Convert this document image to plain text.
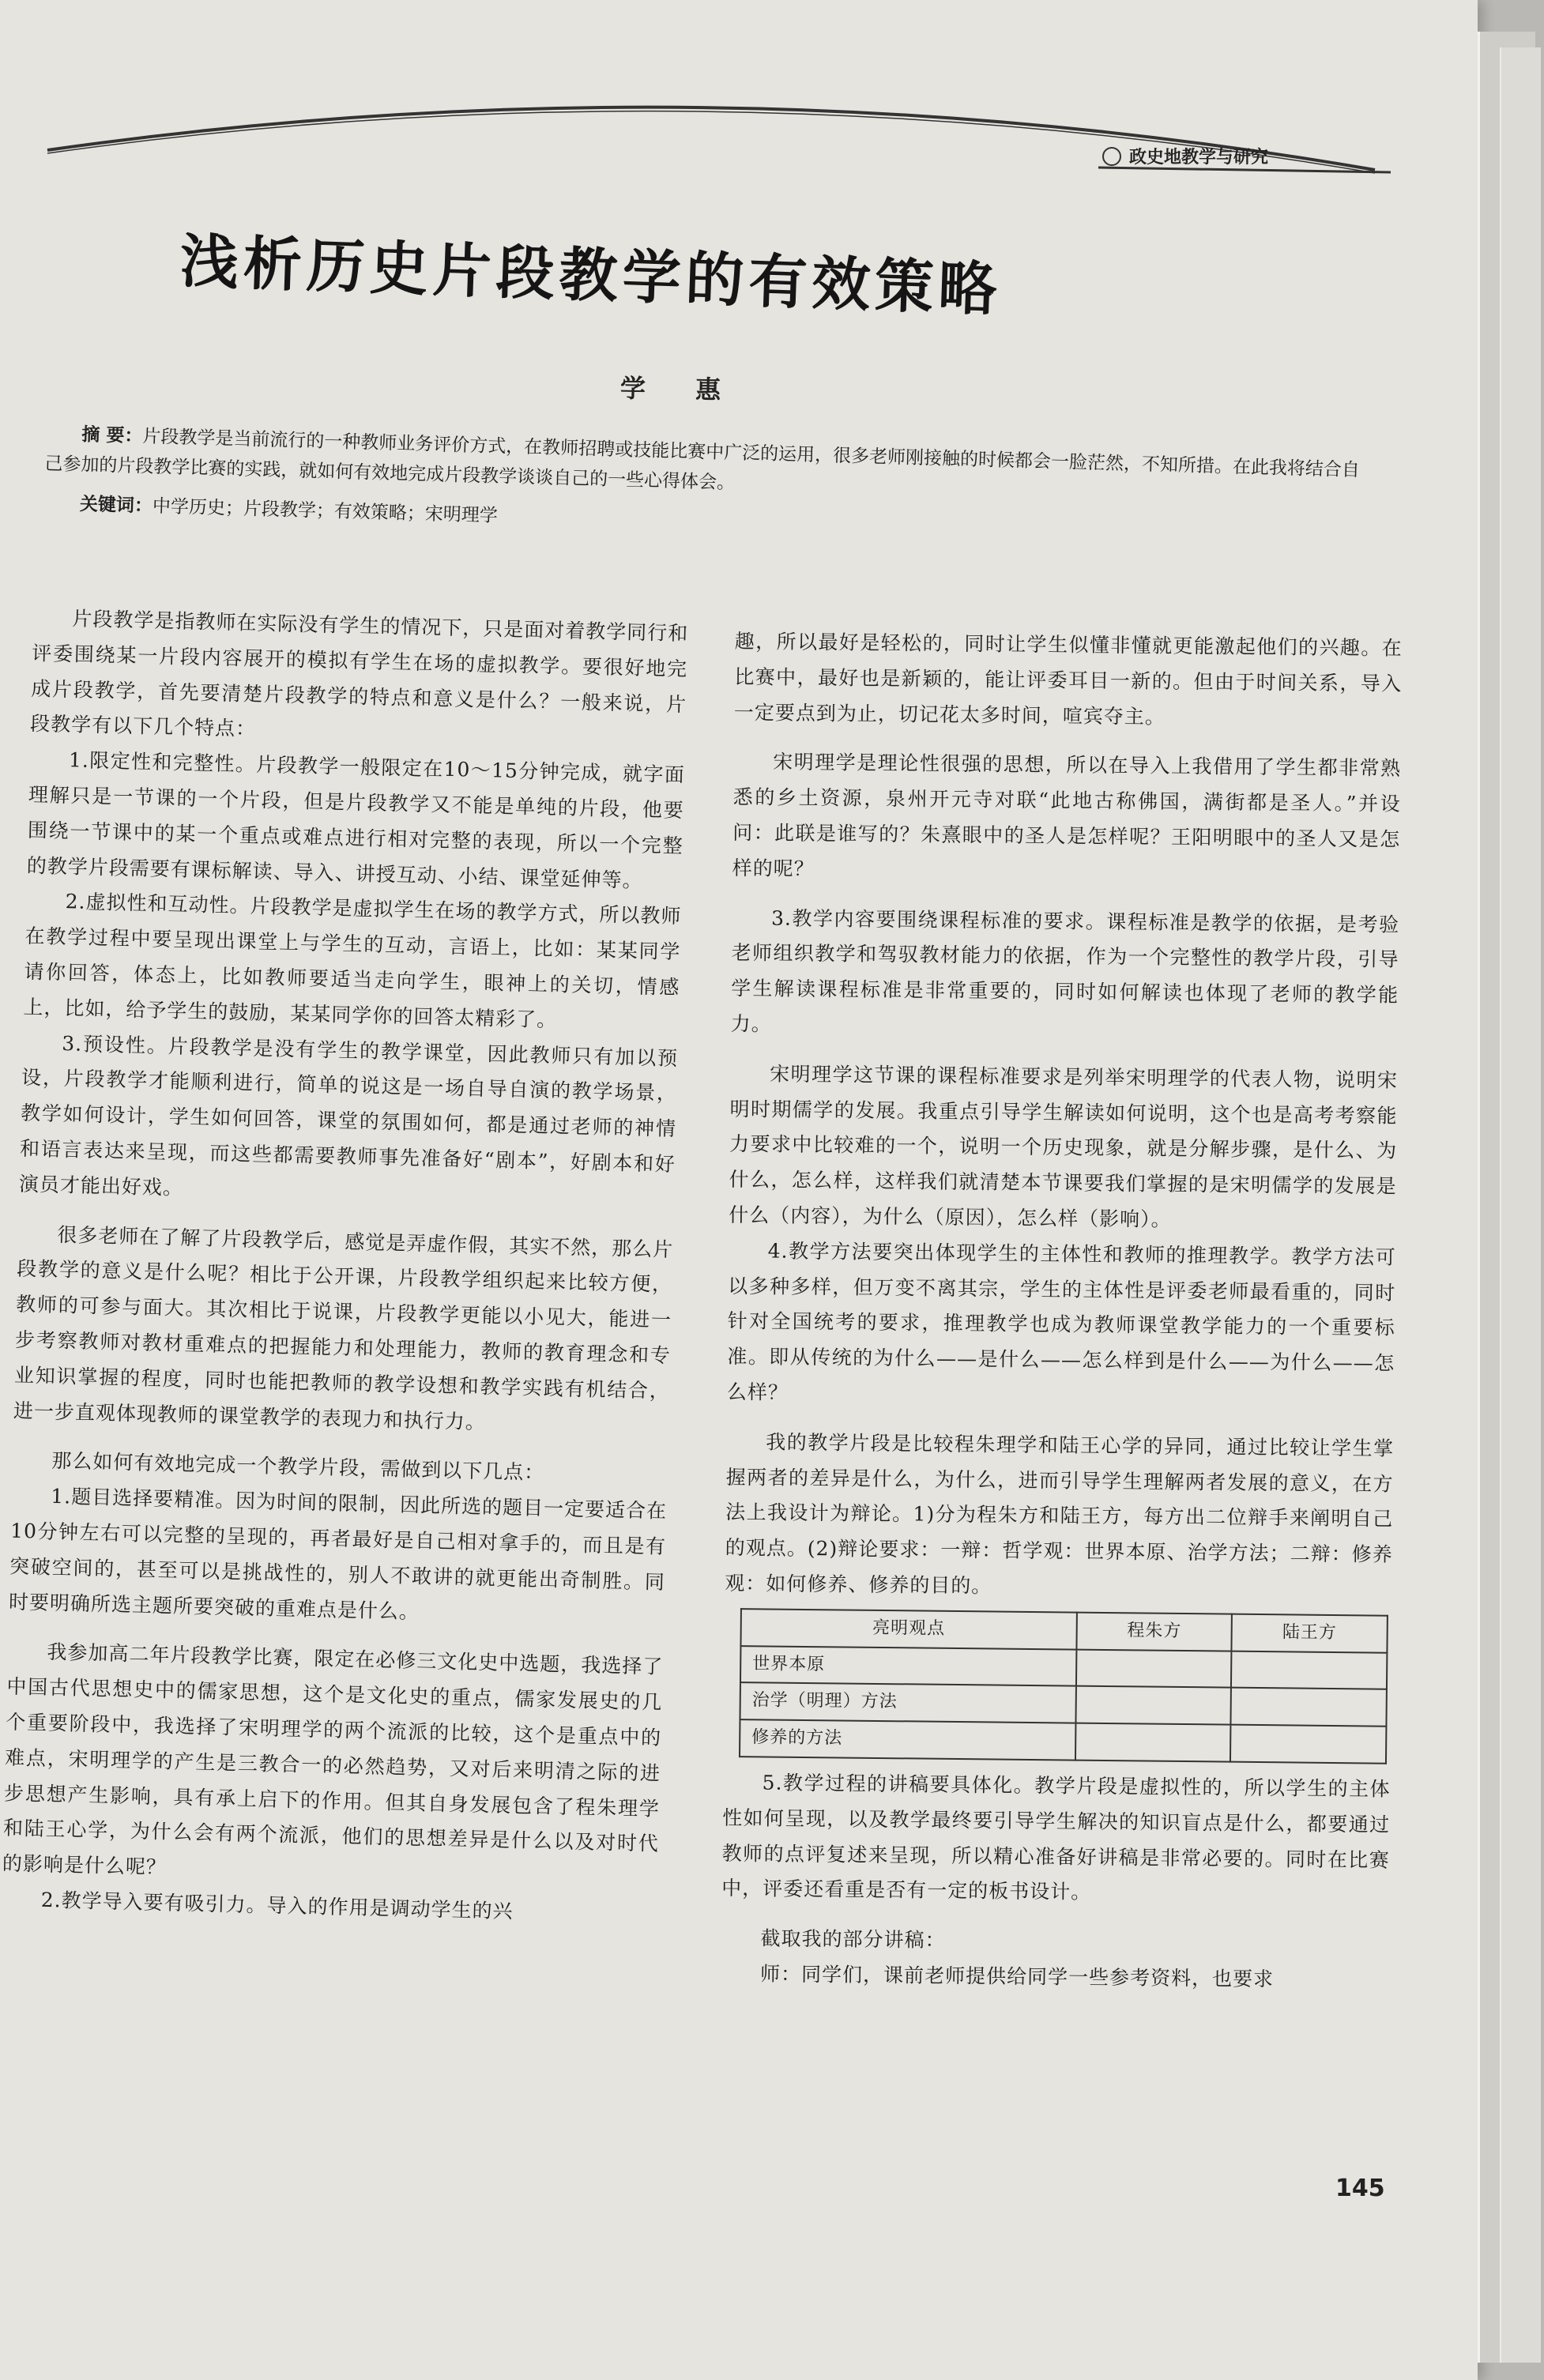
政史地教学与研究
浅析历史片段教学的有效策略
学 惠

摘 要：片段教学是当前流行的一种教师业务评价方式，在教师招聘或技能比赛中广泛的运用，很多老师刚接触的时候都会一脸茫然，不知所措。在此我将结合自己参加的片段教学比赛的实践，就如何有效地完成片段教学谈谈自己的一些心得体会。

关键词：中学历史；片段教学；有效策略；宋明理学

片段教学是指教师在实际没有学生的情况下，只是面对着教学同行和评委围绕某一片段内容展开的模拟有学生在场的虚拟教学。要很好地完成片段教学，首先要清楚片段教学的特点和意义是什么？一般来说，片段教学有以下几个特点：

1.限定性和完整性。片段教学一般限定在10～15分钟完成，就字面理解只是一节课的一个片段，但是片段教学又不能是单纯的片段，他要围绕一节课中的某一个重点或难点进行相对完整的表现，所以一个完整的教学片段需要有课标解读、导入、讲授互动、小结、课堂延伸等。

2.虚拟性和互动性。片段教学是虚拟学生在场的教学方式，所以教师在教学过程中要呈现出课堂上与学生的互动，言语上，比如：某某同学请你回答，体态上，比如教师要适当走向学生，眼神上的关切，情感上，比如，给予学生的鼓励，某某同学你的回答太精彩了。

3.预设性。片段教学是没有学生的教学课堂，因此教师只有加以预设，片段教学才能顺利进行，简单的说这是一场自导自演的教学场景，教学如何设计，学生如何回答，课堂的氛围如何，都是通过老师的神情和语言表达来呈现，而这些都需要教师事先准备好“剧本”，好剧本和好演员才能出好戏。

很多老师在了解了片段教学后，感觉是弄虚作假，其实不然，那么片段教学的意义是什么呢？相比于公开课，片段教学组织起来比较方便，教师的可参与面大。其次相比于说课，片段教学更能以小见大，能进一步考察教师对教材重难点的把握能力和处理能力，教师的教育理念和专业知识掌握的程度，同时也能把教师的教学设想和教学实践有机结合，进一步直观体现教师的课堂教学的表现力和执行力。

那么如何有效地完成一个教学片段，需做到以下几点：

1.题目选择要精准。因为时间的限制，因此所选的题目一定要适合在10分钟左右可以完整的呈现的，再者最好是自己相对拿手的，而且是有突破空间的，甚至可以是挑战性的，别人不敢讲的就更能出奇制胜。同时要明确所选主题所要突破的重难点是什么。

我参加高二年片段教学比赛，限定在必修三文化史中选题，我选择了中国古代思想史中的儒家思想，这个是文化史的重点，儒家发展史的几个重要阶段中，我选择了宋明理学的两个流派的比较，这个是重点中的难点，宋明理学的产生是三教合一的必然趋势，又对后来明清之际的进步思想产生影响，具有承上启下的作用。但其自身发展包含了程朱理学和陆王心学，为什么会有两个流派，他们的思想差异是什么以及对时代的影响是什么呢？

2.教学导入要有吸引力。导入的作用是调动学生的兴

趣，所以最好是轻松的，同时让学生似懂非懂就更能激起他们的兴趣。在比赛中，最好也是新颖的，能让评委耳目一新的。但由于时间关系，导入一定要点到为止，切记花太多时间，喧宾夺主。

宋明理学是理论性很强的思想，所以在导入上我借用了学生都非常熟悉的乡土资源，泉州开元寺对联“此地古称佛国，满街都是圣人。”并设问：此联是谁写的？朱熹眼中的圣人是怎样呢？王阳明眼中的圣人又是怎样的呢？

3.教学内容要围绕课程标准的要求。课程标准是教学的依据，是考验老师组织教学和驾驭教材能力的依据，作为一个完整性的教学片段，引导学生解读课程标准是非常重要的，同时如何解读也体现了老师的教学能力。

宋明理学这节课的课程标准要求是列举宋明理学的代表人物，说明宋明时期儒学的发展。我重点引导学生解读如何说明，这个也是高考考察能力要求中比较难的一个，说明一个历史现象，就是分解步骤，是什么、为什么，怎么样，这样我们就清楚本节课要我们掌握的是宋明儒学的发展是什么（内容），为什么（原因），怎么样（影响）。

4.教学方法要突出体现学生的主体性和教师的推理教学。教学方法可以多种多样，但万变不离其宗，学生的主体性是评委老师最看重的，同时针对全国统考的要求，推理教学也成为教师课堂教学能力的一个重要标准。即从传统的为什么——是什么——怎么样到是什么——为什么——怎么样？

我的教学片段是比较程朱理学和陆王心学的异同，通过比较让学生掌握两者的差异是什么，为什么，进而引导学生理解两者发展的意义，在方法上我设计为辩论。1)分为程朱方和陆王方，每方出二位辩手来阐明自己的观点。(2)辩论要求：一辩：哲学观：世界本原、治学方法；二辩：修养观：如何修养、修养的目的。

亮明观点	程朱方	陆王方
世界本原		
治学（明理）方法		
修养的方法		

5.教学过程的讲稿要具体化。教学片段是虚拟性的，所以学生的主体性如何呈现，以及教学最终要引导学生解决的知识盲点是什么，都要通过教师的点评复述来呈现，所以精心准备好讲稿是非常必要的。同时在比赛中，评委还看重是否有一定的板书设计。

截取我的部分讲稿：

师：同学们，课前老师提供给同学一些参考资料，也要求

145
